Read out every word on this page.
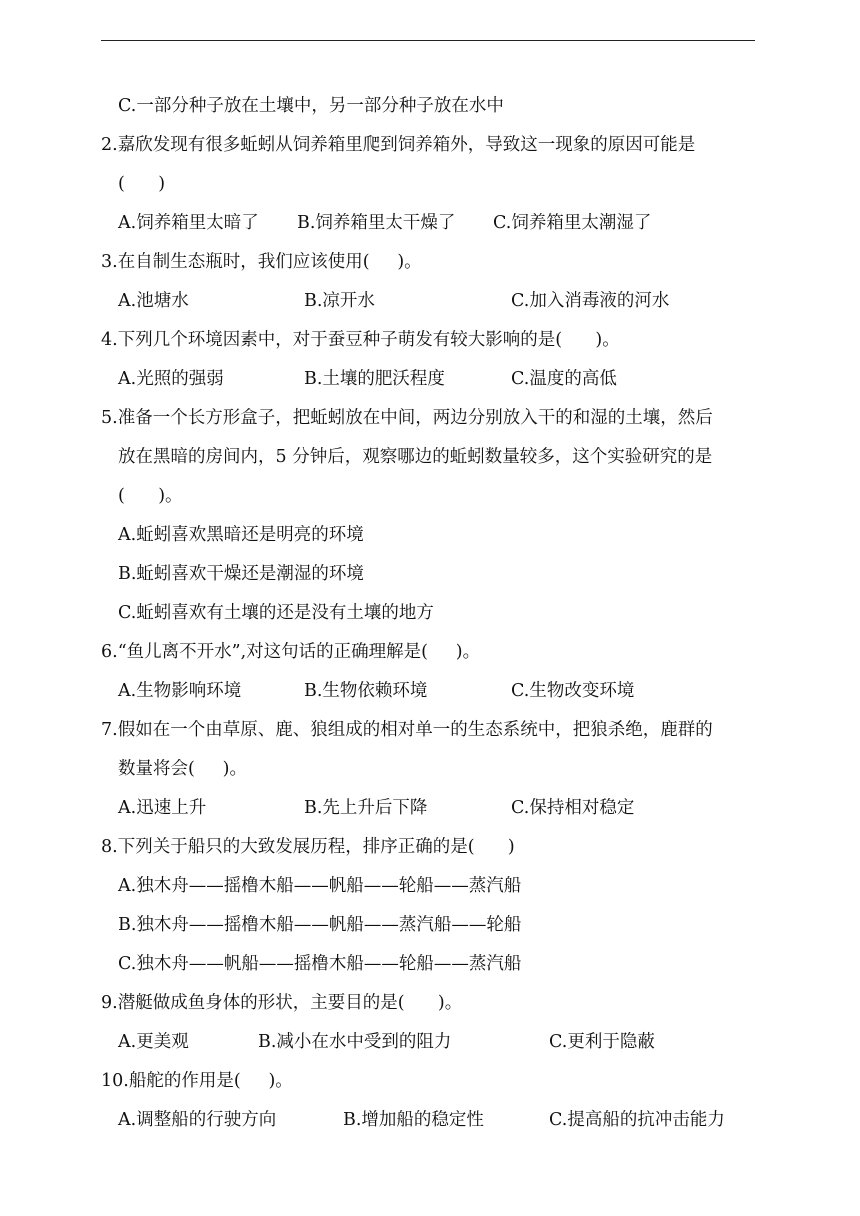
C.一部分种子放在土壤中，另一部分种子放在水中
2.嘉欣发现有很多蚯蚓从饲养箱里爬到饲养箱外，导致这一现象的原因可能是
(      )
A.饲养箱里太暗了 B.饲养箱里太干燥了 C.饲养箱里太潮湿了
3.在自制生态瓶时，我们应该使用(     )。
A.池塘水	B.凉开水	C.加入消毒液的河水
4.下列几个环境因素中，对于蚕豆种子萌发有较大影响的是(      )。
A.光照的强弱	B.土壤的肥沃程度	C.温度的高低
5.准备一个长方形盒子，把蚯蚓放在中间，两边分别放入干的和湿的土壤，然后
放在黑暗的房间内，5 分钟后，观察哪边的蚯蚓数量较多，这个实验研究的是
(      )。
A.蚯蚓喜欢黑暗还是明亮的环境
B.蚯蚓喜欢干燥还是潮湿的环境
C.蚯蚓喜欢有土壤的还是没有土壤的地方
6.“鱼儿离不开水”,对这句话的正确理解是(     )。
A.生物影响环境	B.生物依赖环境	C.生物改变环境
7.假如在一个由草原、鹿、狼组成的相对单一的生态系统中，把狼杀绝，鹿群的
数量将会(     )。
A.迅速上升	B.先上升后下降	C.保持相对稳定
8.下列关于船只的大致发展历程，排序正确的是(      )
A.独木舟——摇橹木船——帆船——轮船——蒸汽船
B.独木舟——摇橹木船——帆船——蒸汽船——轮船
C.独木舟——帆船——摇橹木船——轮船——蒸汽船
9.潜艇做成鱼身体的形状，主要目的是(      )。
A.更美观	B.减小在水中受到的阻力	C.更利于隐蔽
10.船舵的作用是(     )。
A.调整船的行驶方向	B.增加船的稳定性	C.提高船的抗冲击能力
